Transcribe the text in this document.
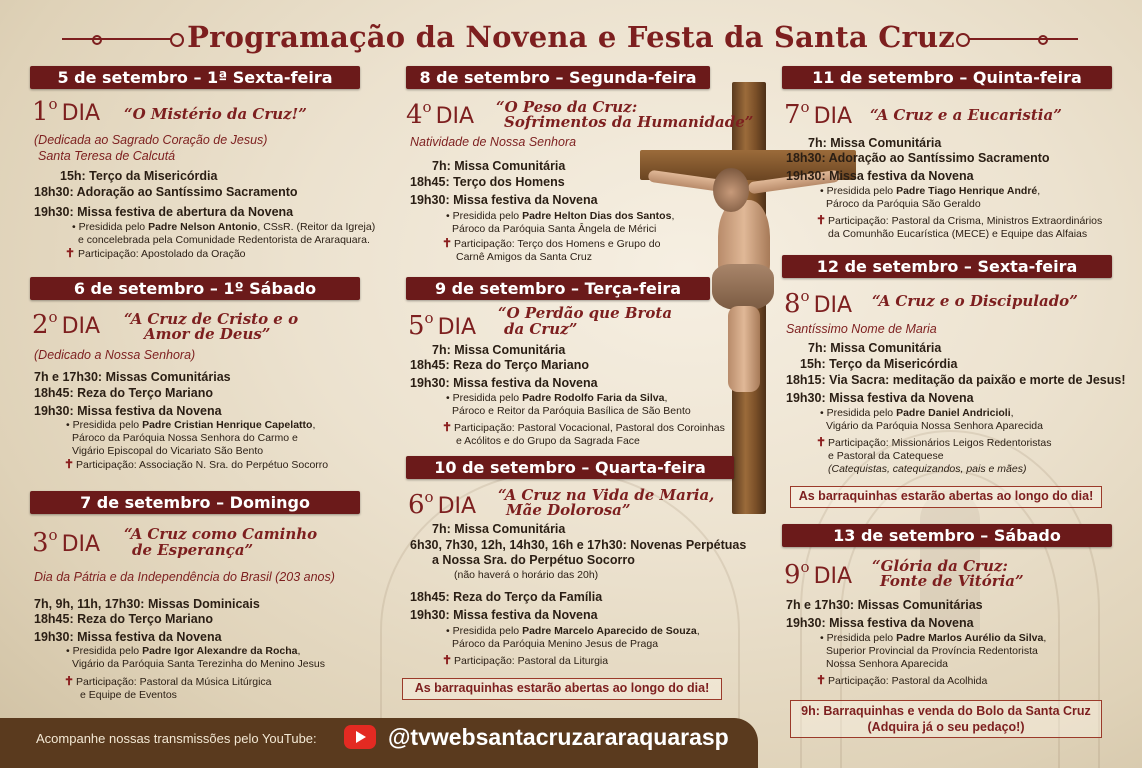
Programação da Novena e Festa da Santa Cruz
5 de setembro – 1ª Sexta-feira
1$^o$ DIA “O Mistério da Cruz!”
(Dedicada ao Sagrado Coração de Jesus)
Santa Teresa de Calcutá
15h: Terço da Misericórdia
18h30: Adoração ao Santíssimo Sacramento
19h30: Missa festiva de abertura da Novena
• Presidida pelo Padre Nelson Antonio, CSsR. (Reitor da Igreja)
e concelebrada pela Comunidade Redentorista de Araraquara.
✝ Participação: Apostolado da Oração
6 de setembro – 1º Sábado
2$^o$ DIA “A Cruz de Cristo e o
Amor de Deus”
(Dedicado a Nossa Senhora)
7h e 17h30: Missas Comunitárias
18h45: Reza do Terço Mariano
19h30: Missa festiva da Novena
• Presidida pelo Padre Cristian Henrique Capelatto,
Pároco da Paróquia Nossa Senhora do Carmo e
Vigário Episcopal do Vicariato São Bento
✝ Participação: Associação N. Sra. do Perpétuo Socorro
7 de setembro – Domingo
3$^o$ DIA “A Cruz como Caminho
de Esperança”
Dia da Pátria e da Independência do Brasil (203 anos)
7h, 9h, 11h, 17h30: Missas Dominicais
18h45: Reza do Terço Mariano
19h30: Missa festiva da Novena
• Presidida pelo Padre Igor Alexandre da Rocha,
Vigário da Paróquia Santa Terezinha do Menino Jesus
✝ Participação: Pastoral da Música Litúrgica
e Equipe de Eventos
8 de setembro – Segunda-feira
4$^o$ DIA “O Peso da Cruz:
Sofrimentos da Humanidade”
Natividade de Nossa Senhora
7h: Missa Comunitária
18h45: Terço dos Homens
19h30: Missa festiva da Novena
• Presidida pelo Padre Helton Dias dos Santos,
Pároco da Paróquia Santa Ângela de Mérici
✝ Participação: Terço dos Homens e Grupo do
Carnê Amigos da Santa Cruz
9 de setembro – Terça-feira
5$^o$ DIA
“O Perdão que Brota
da Cruz”
7h: Missa Comunitária
18h45: Reza do Terço Mariano
19h30: Missa festiva da Novena
• Presidida pelo Padre Rodolfo Faria da Silva,
Pároco e Reitor da Paróquia Basílica de São Bento
✝ Participação: Pastoral Vocacional, Pastoral dos Coroinhas
e Acólitos e do Grupo da Sagrada Face
10 de setembro – Quarta-feira
6$^o$ DIA “A Cruz na Vida de Maria,
Mãe Dolorosa”
7h: Missa Comunitária
6h30, 7h30, 12h, 14h30, 16h e 17h30: Novenas Perpétuas
a Nossa Sra. do Perpétuo Socorro
(não haverá o horário das 20h)
18h45: Reza do Terço da Família
19h30: Missa festiva da Novena
• Presidida pelo Padre Marcelo Aparecido de Souza,
Pároco da Paróquia Menino Jesus de Praga
✝ Participação: Pastoral da Liturgia
As barraquinhas estarão abertas ao longo do dia!
11 de setembro – Quinta-feira
7$^o$ DIA “A Cruz e a Eucaristia”
7h: Missa Comunitária
18h30: Adoração ao Santíssimo Sacramento
19h30: Missa festiva da Novena
• Presidida pelo Padre Tiago Henrique André,
Pároco da Paróquia São Geraldo
✝ Participação: Pastoral da Crisma, Ministros Extraordinários
da Comunhão Eucarística (MECE) e Equipe das Alfaias
12 de setembro – Sexta-feira
8$^o$ DIA “A Cruz e o Discipulado”
Santíssimo Nome de Maria
7h: Missa Comunitária
15h: Terço da Misericórdia
18h15: Via Sacra: meditação da paixão e morte de Jesus!
19h30: Missa festiva da Novena
• Presidida pelo Padre Daniel Andricioli,
Vigário da Paróquia Nossa Senhora Aparecida
✝ Participação: Missionários Leigos Redentoristas
e Pastoral da Catequese
(Catequistas, catequizandos, pais e mães)
As barraquinhas estarão abertas ao longo do dia!
13 de setembro – Sábado
9$^o$ DIA “Glória da Cruz:
Fonte de Vitória”
7h e 17h30: Missas Comunitárias
19h30: Missa festiva da Novena
• Presidida pelo Padre Marlos Aurélio da Silva,
Superior Provincial da Província Redentorista
Nossa Senhora Aparecida
✝ Participação: Pastoral da Acolhida
9h: Barraquinhas e venda do Bolo da Santa Cruz
(Adquira já o seu pedaço!)
Acompanhe nossas transmissões pelo YouTube:	@tvwebsantacruzararaquarasp
